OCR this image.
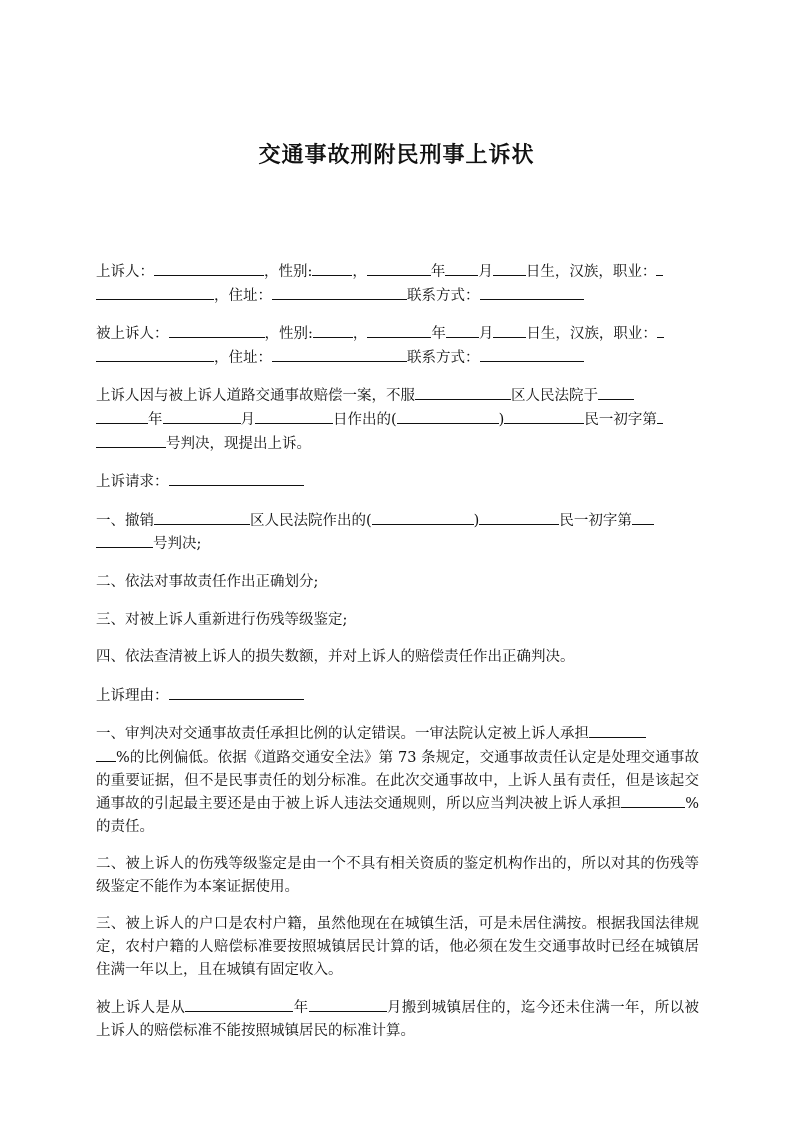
交通事故刑附民刑事上诉状

上诉人：	，性别:	，	年 月 日生，汉族，职业：
，住址：	联系方式：

被上诉人：	，性别:	，	年 月 日生，汉族，职业：
，住址：	联系方式：

上诉人因与被上诉人道路交通事故赔偿一案，不服	区人民法院于
年	月	日作出的(	)	民一初字第
号判决，现提出上诉。

上诉请求：

一、撤销	区人民法院作出的(	)	民一初字第
号判决;

二、依法对事故责任作出正确划分;

三、对被上诉人重新进行伤残等级鉴定;

四、依法查清被上诉人的损失数额，并对上诉人的赔偿责任作出正确判决。

上诉理由：

一、审判决对交通事故责任承担比例的认定错误。一审法院认定被上诉人承担
%的比例偏低。依据《道路交通安全法》第 73 条规定，交通事故责任认定是处理交通事故的重要证据，但不是民事责任的划分标准。在此次交通事故中，上诉人虽有责任，但是该起交通事故的引起最主要还是由于被上诉人违法交通规则，所以应当判决被上诉人承担	%的责任。

二、被上诉人的伤残等级鉴定是由一个不具有相关资质的鉴定机构作出的，所以对其的伤残等级鉴定不能作为本案证据使用。

三、被上诉人的户口是农村户籍，虽然他现在在城镇生活，可是未居住满按。根据我国法律规定，农村户籍的人赔偿标准要按照城镇居民计算的话，他必须在发生交通事故时已经在城镇居住满一年以上，且在城镇有固定收入。

被上诉人是从	年	月搬到城镇居住的，迄今还未住满一年，所以被上诉人的赔偿标准不能按照城镇居民的标准计算。
